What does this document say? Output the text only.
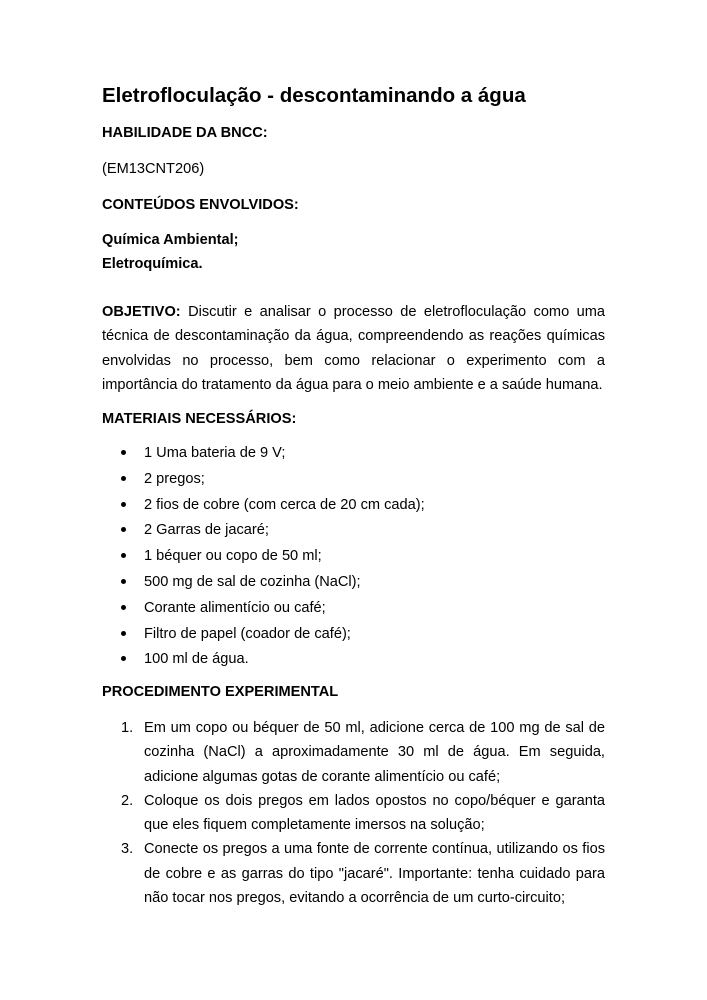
Eletrofloculação - descontaminando a água

HABILIDADE DA BNCC:

(EM13CNT206)

CONTEÚDOS ENVOLVIDOS:

Química Ambiental;

Eletroquímica.

OBJETIVO: Discutir e analisar o processo de eletrofloculação como uma técnica de descontaminação da água, compreendendo as reações químicas envolvidas no processo, bem como relacionar o experimento com a importância do tratamento da água para o meio ambiente e a saúde humana.

MATERIAIS NECESSÁRIOS:

1 Uma bateria de 9 V;
2 pregos;
2 fios de cobre (com cerca de 20 cm cada);
2 Garras de jacaré;
1 béquer ou copo de 50 ml;
500 mg de sal de cozinha (NaCl);
Corante alimentício ou café;
Filtro de papel (coador de café);
100 ml de água.

PROCEDIMENTO EXPERIMENTAL

1. Em um copo ou béquer de 50 ml, adicione cerca de 100 mg de sal de cozinha (NaCl) a aproximadamente 30 ml de água. Em seguida, adicione algumas gotas de corante alimentício ou café;
2. Coloque os dois pregos em lados opostos no copo/béquer e garanta que eles fiquem completamente imersos na solução;
3. Conecte os pregos a uma fonte de corrente contínua, utilizando os fios de cobre e as garras do tipo "jacaré". Importante: tenha cuidado para não tocar nos pregos, evitando a ocorrência de um curto-circuito;
